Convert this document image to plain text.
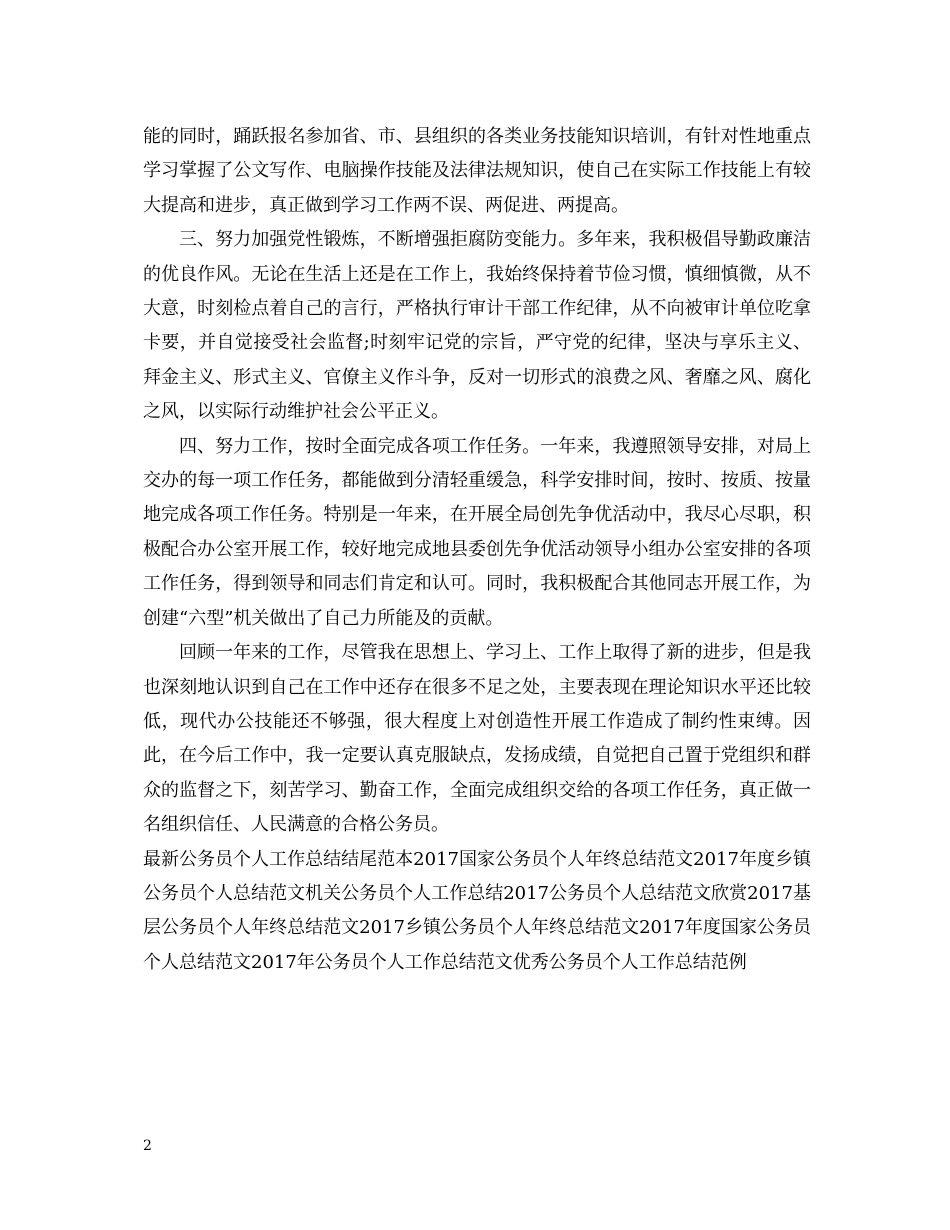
能的同时，踊跃报名参加省、市、县组织的各类业务技能知识培训，有针对性地重点学习掌握了公文写作、电脑操作技能及法律法规知识，使自己在实际工作技能上有较大提高和进步，真正做到学习工作两不误、两促进、两提高。

三、努力加强党性锻炼，不断增强拒腐防变能力。多年来，我积极倡导勤政廉洁的优良作风。无论在生活上还是在工作上，我始终保持着节俭习惯，慎细慎微，从不大意，时刻检点着自己的言行，严格执行审计干部工作纪律，从不向被审计单位吃拿卡要，并自觉接受社会监督;时刻牢记党的宗旨，严守党的纪律，坚决与享乐主义、拜金主义、形式主义、官僚主义作斗争，反对一切形式的浪费之风、奢靡之风、腐化之风，以实际行动维护社会公平正义。

四、努力工作，按时全面完成各项工作任务。一年来，我遵照领导安排，对局上交办的每一项工作任务，都能做到分清轻重缓急，科学安排时间，按时、按质、按量地完成各项工作任务。特别是一年来，在开展全局创先争优活动中，我尽心尽职，积极配合办公室开展工作，较好地完成地县委创先争优活动领导小组办公室安排的各项工作任务，得到领导和同志们肯定和认可。同时，我积极配合其他同志开展工作，为创建“六型”机关做出了自己力所能及的贡献。

回顾一年来的工作，尽管我在思想上、学习上、工作上取得了新的进步，但是我也深刻地认识到自己在工作中还存在很多不足之处，主要表现在理论知识水平还比较低，现代办公技能还不够强，很大程度上对创造性开展工作造成了制约性束缚。因此，在今后工作中，我一定要认真克服缺点，发扬成绩，自觉把自己置于党组织和群众的监督之下，刻苦学习、勤奋工作，全面完成组织交给的各项工作任务，真正做一名组织信任、人民满意的合格公务员。

最新公务员个人工作总结结尾范本2017国家公务员个人年终总结范文2017年度乡镇公务员个人总结范文机关公务员个人工作总结2017公务员个人总结范文欣赏2017基层公务员个人年终总结范文2017乡镇公务员个人年终总结范文2017年度国家公务员个人总结范文2017年公务员个人工作总结范文优秀公务员个人工作总结范例

2
